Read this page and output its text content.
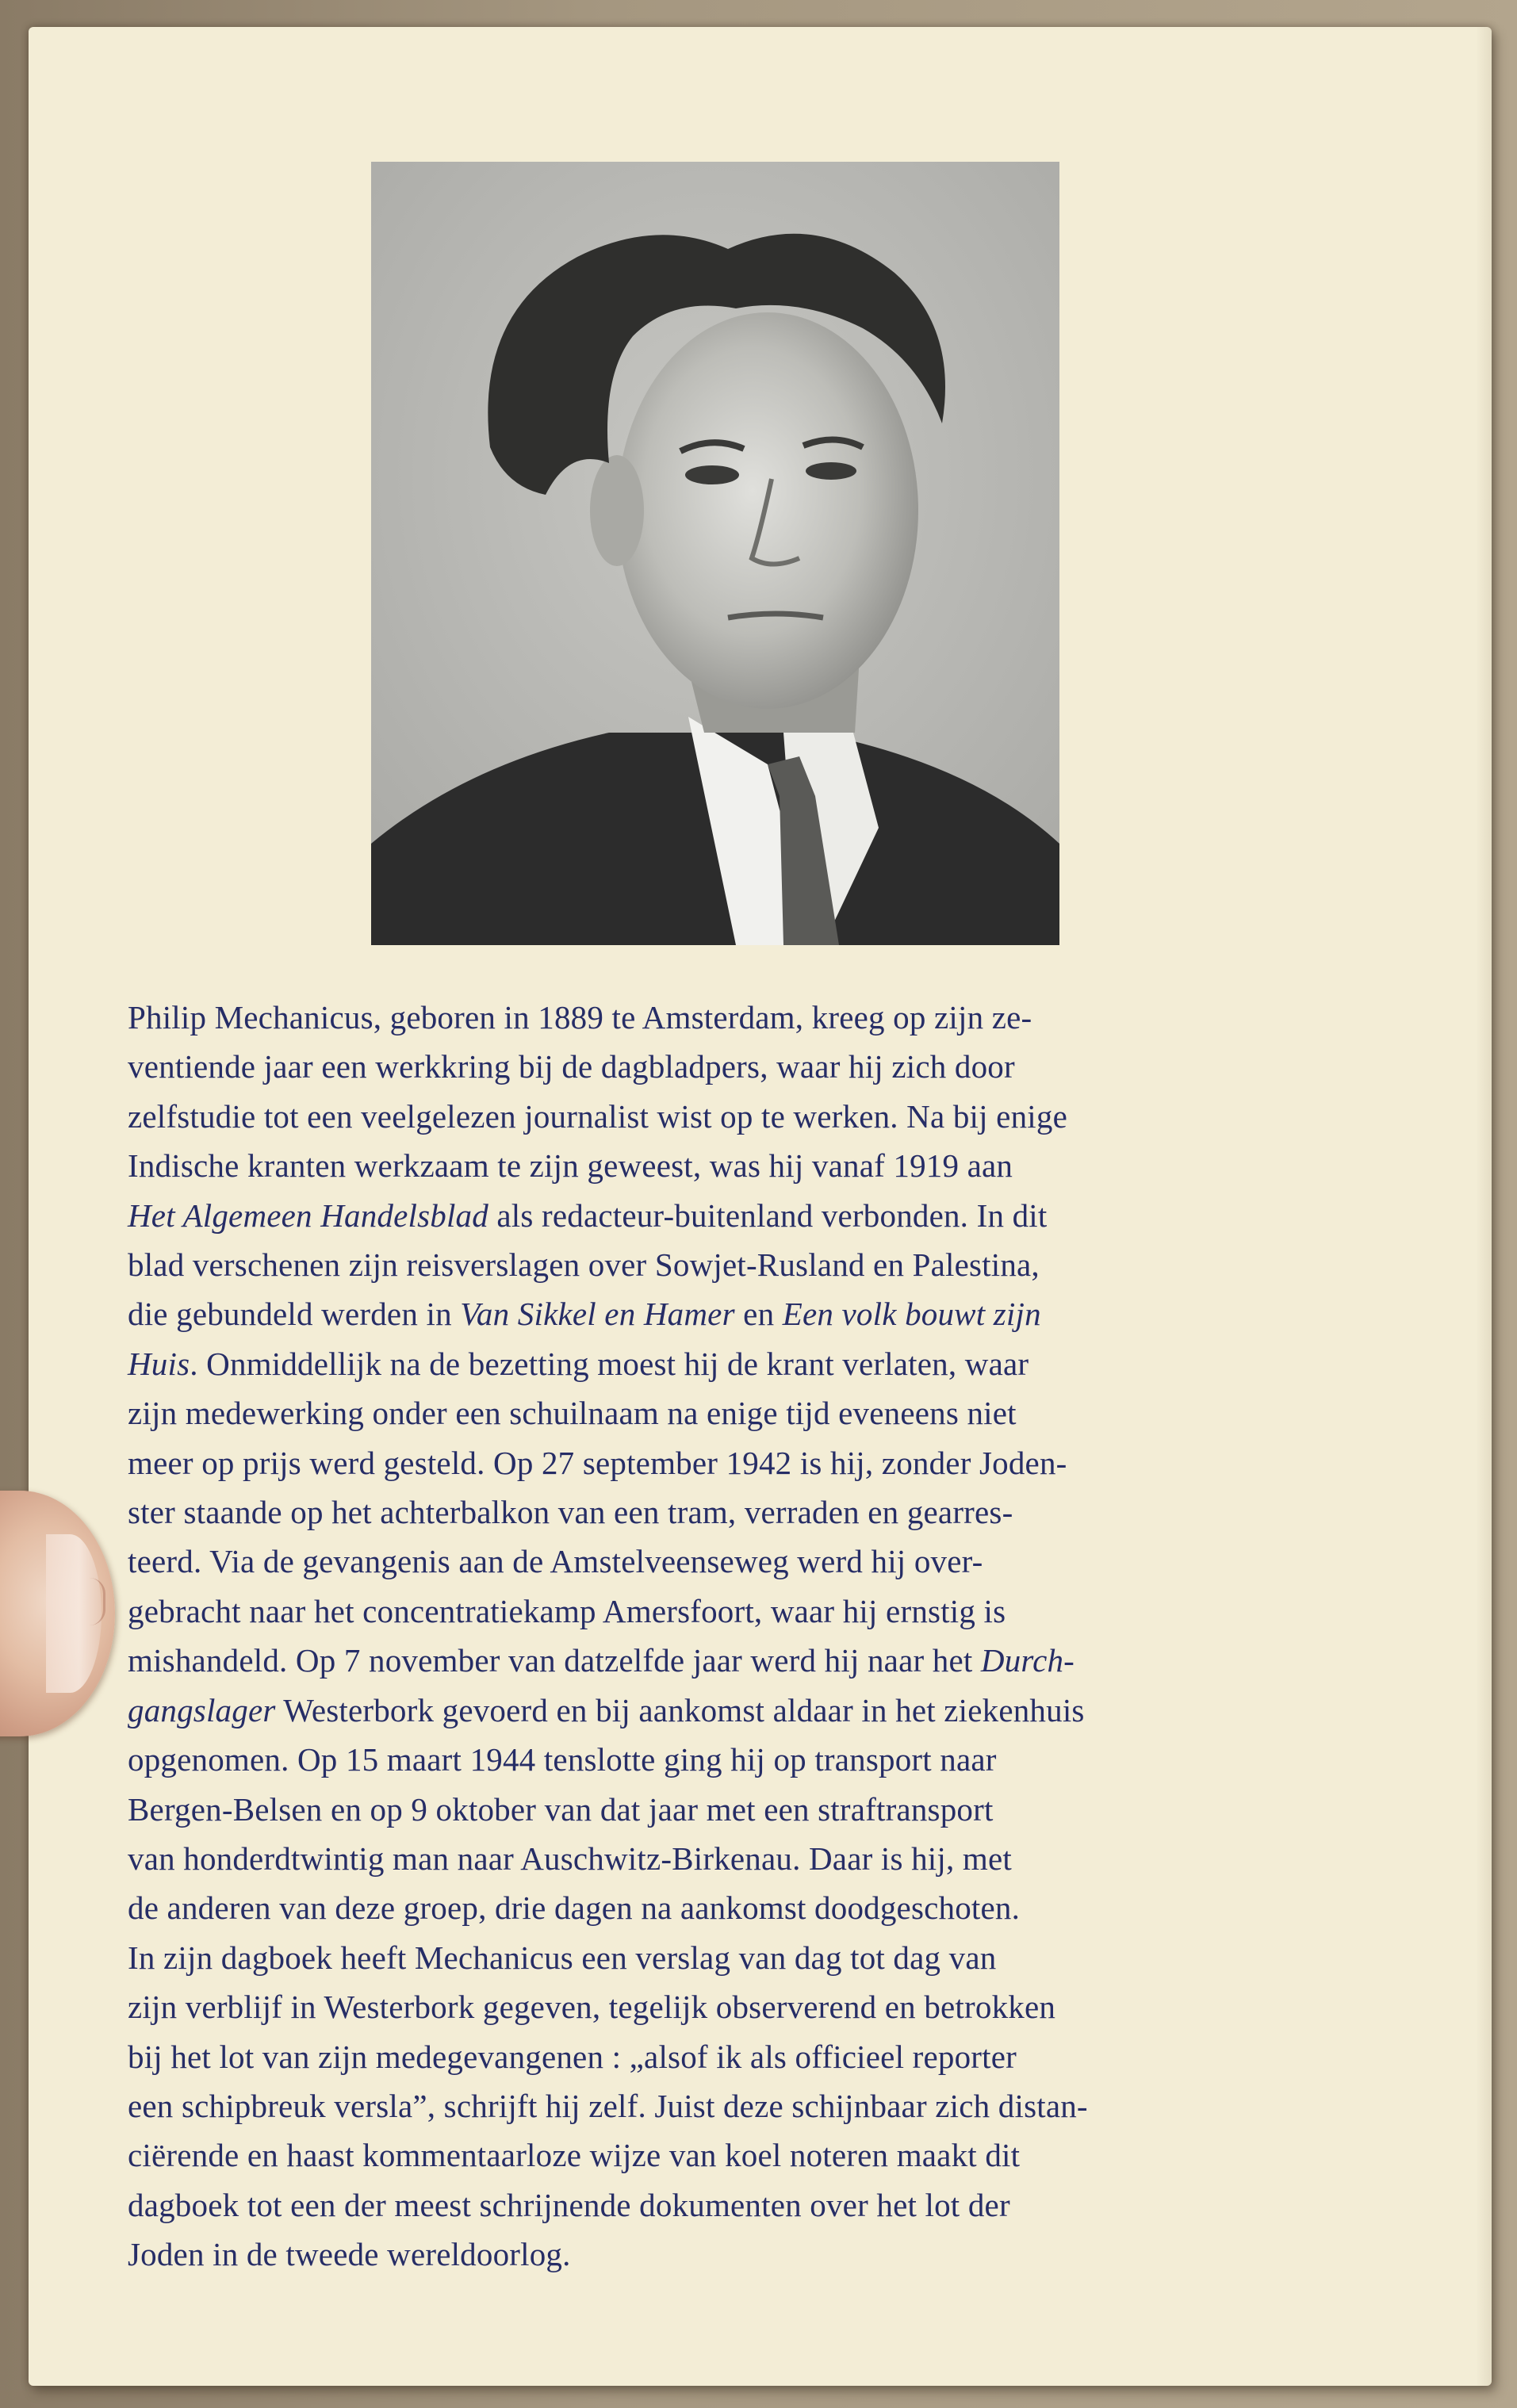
Philip Mechanicus, geboren in 1889 te Amsterdam, kreeg op zijn ze-
ventiende jaar een werkkring bij de dagbladpers, waar hij zich door
zelfstudie tot een veelgelezen journalist wist op te werken. Na bij enige
Indische kranten werkzaam te zijn geweest, was hij vanaf 1919 aan
Het Algemeen Handelsblad als redacteur-buitenland verbonden. In dit
blad verschenen zijn reisverslagen over Sowjet-Rusland en Palestina,
die gebundeld werden in Van Sikkel en Hamer en Een volk bouwt zijn
Huis. Onmiddellijk na de bezetting moest hij de krant verlaten, waar
zijn medewerking onder een schuilnaam na enige tijd eveneens niet
meer op prijs werd gesteld. Op 27 september 1942 is hij, zonder Joden-
ster staande op het achterbalkon van een tram, verraden en gearres-
teerd. Via de gevangenis aan de Amstelveenseweg werd hij over-
gebracht naar het concentratiekamp Amersfoort, waar hij ernstig is
mishandeld. Op 7 november van datzelfde jaar werd hij naar het Durch-
gangslager Westerbork gevoerd en bij aankomst aldaar in het ziekenhuis
opgenomen. Op 15 maart 1944 tenslotte ging hij op transport naar
Bergen-Belsen en op 9 oktober van dat jaar met een straftransport
van honderdtwintig man naar Auschwitz-Birkenau. Daar is hij, met
de anderen van deze groep, drie dagen na aankomst doodgeschoten.
In zijn dagboek heeft Mechanicus een verslag van dag tot dag van
zijn verblijf in Westerbork gegeven, tegelijk observerend en betrokken
bij het lot van zijn medegevangenen : „alsof ik als officieel reporter
een schipbreuk versla”, schrijft hij zelf. Juist deze schijnbaar zich distan-
ciërende en haast kommentaarloze wijze van koel noteren maakt dit
dagboek tot een der meest schrijnende dokumenten over het lot der
Joden in de tweede wereldoorlog.
